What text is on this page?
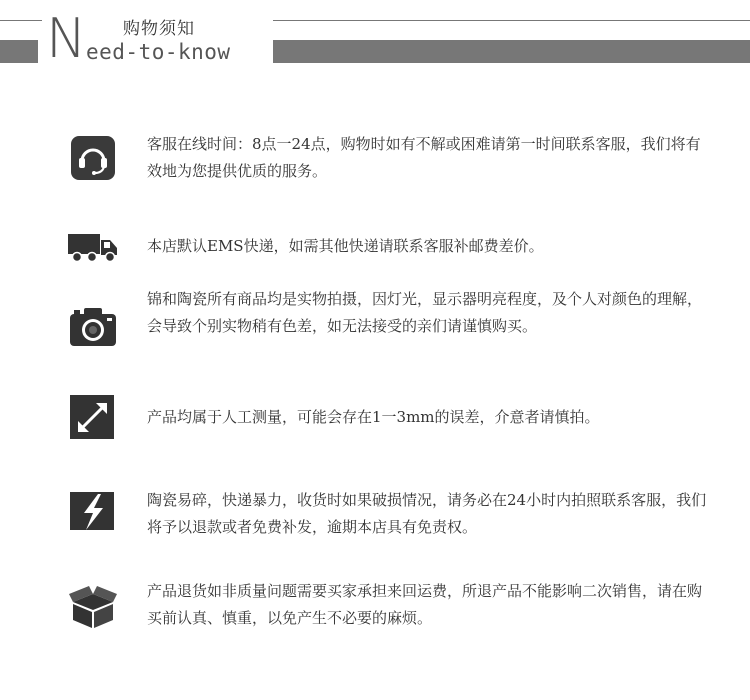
N 购物须知
eed-to-know
客服在线时间：8点一24点，购物时如有不解或困难请第一时间联系客服，我们将有效地为您提供优质的服务。
本店默认EMS快递，如需其他快递请联系客服补邮费差价。
锦和陶瓷所有商品均是实物拍摄，因灯光，显示器明亮程度，及个人对颜色的理解，会导致个别实物稍有色差，如无法接受的亲们请谨慎购买。
产品均属于人工测量，可能会存在1一3mm的误差，介意者请慎拍。
陶瓷易碎，快递暴力，收货时如果破损情况，请务必在24小时内拍照联系客服，我们将予以退款或者免费补发，逾期本店具有免责权。
产品退货如非质量问题需要买家承担来回运费，所退产品不能影响二次销售，请在购买前认真、慎重，以免产生不必要的麻烦。
